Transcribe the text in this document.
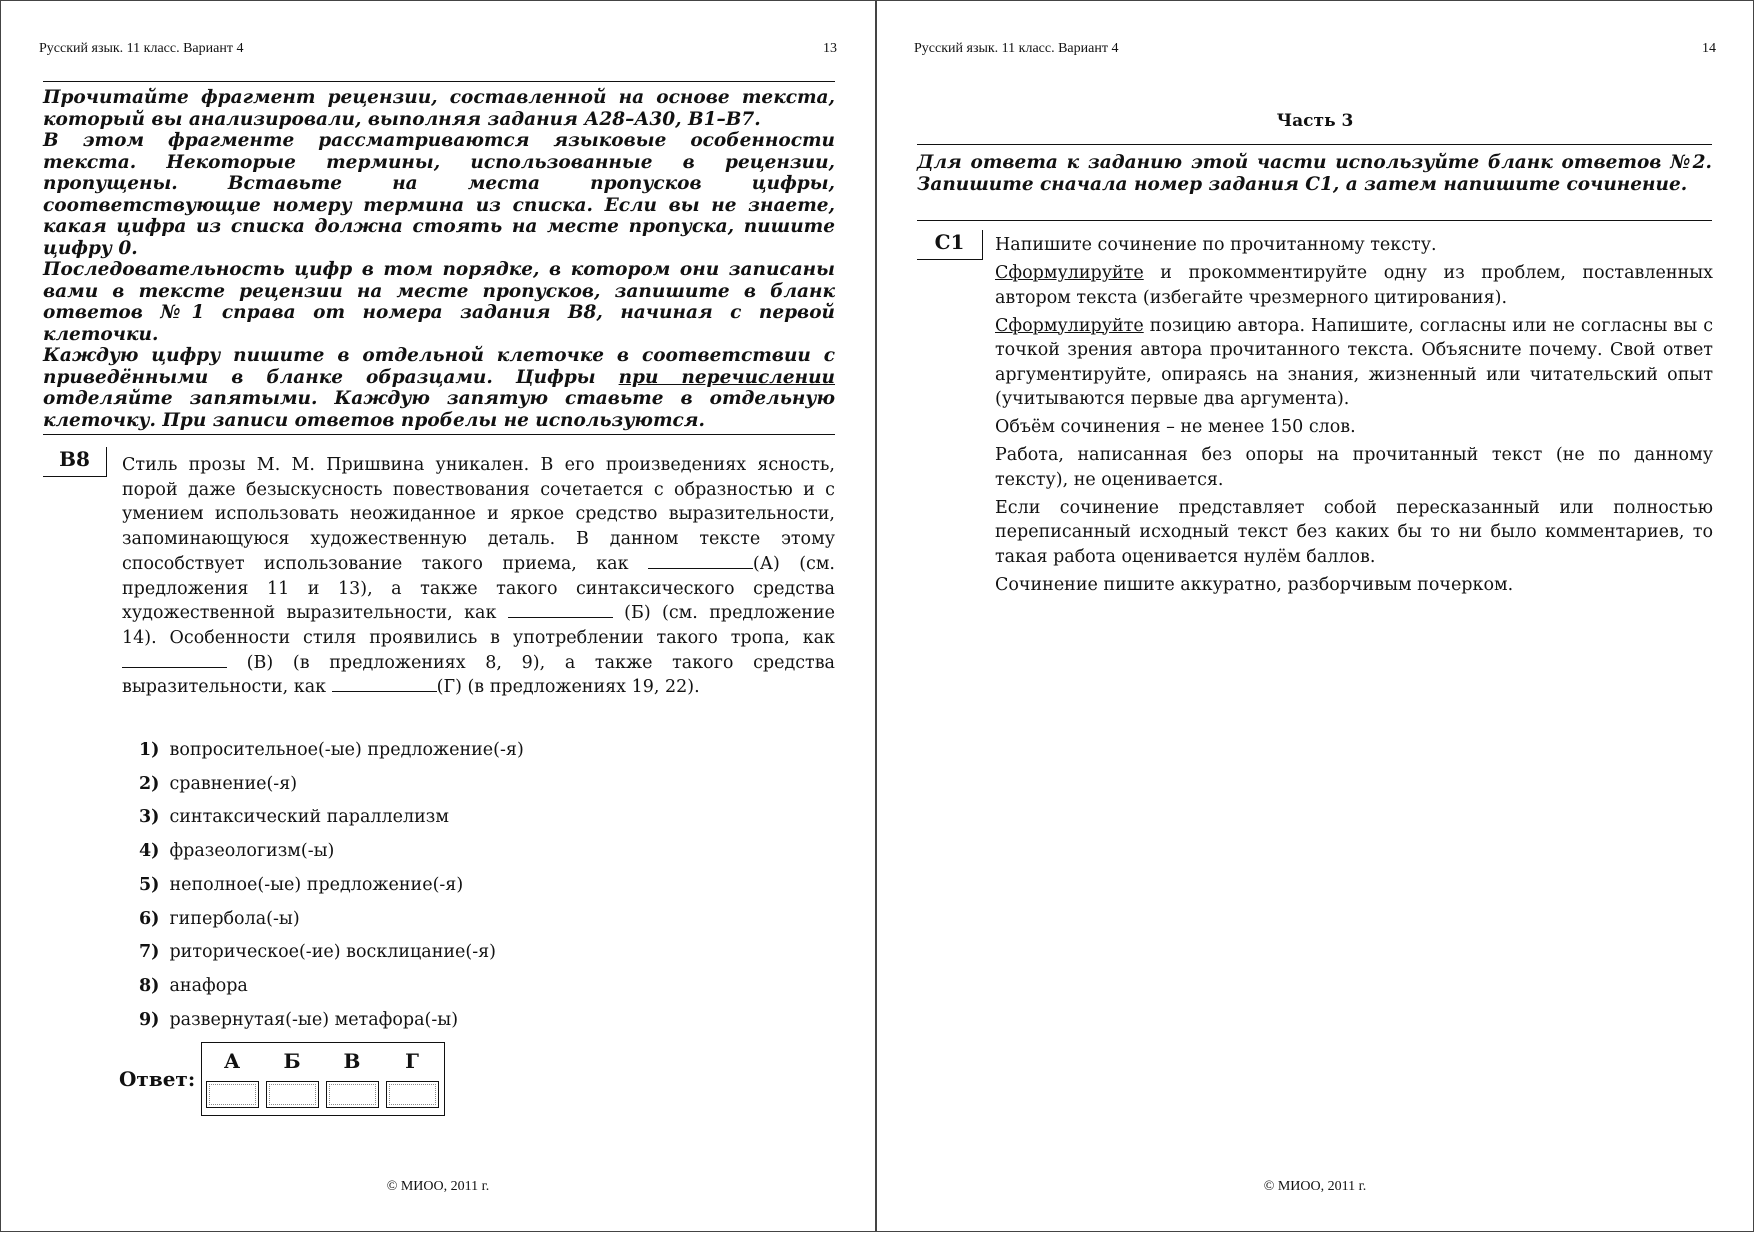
Русский язык. 11 класс. Вариант 4	13

Прочитайте фрагмент рецензии, составленной на основе текста, который вы анализировали, выполняя задания А28–А30, В1–В7.

В этом фрагменте рассматриваются языковые особенности текста. Некоторые термины, использованные в рецензии, пропущены. Вставьте на места пропусков цифры, соответствующие номеру термина из списка. Если вы не знаете, какая цифра из списка должна стоять на месте пропуска, пишите цифру 0.

Последовательность цифр в том порядке, в котором они записаны вами в тексте рецензии на месте пропусков, запишите в бланк ответов №1 справа от номера задания В8, начиная с первой клеточки.

Каждую цифру пишите в отдельной клеточке в соответствии с приведёнными в бланке образцами. Цифры при перечислении отделяйте запятыми. Каждую запятую ставьте в отдельную клеточку. При записи ответов пробелы не используются.

B8	Стиль прозы М. М. Пришвина уникален. В его произведениях ясность, порой даже безыскусность повествования сочетается с образностью и с умением использовать неожиданное и яркое средство выразительности, запоминающуюся художественную деталь. В данном тексте этому способствует использование такого приема, как	(А) (см. предложения 11 и 13), а также такого синтаксического средства художественной выразительности, как	(Б) (см. предложение 14). Особенности стиля проявились в употреблении такого тропа, как  (В) (в предложениях 8, 9), а также такого средства выразительности, как	(Г) (в предложениях 19, 22).

1) вопросительное(-ые) предложение(-я)
2) сравнение(-я)
3) синтаксический параллелизм
4) фразеологизм(-ы)
5) неполное(-ые) предложение(-я)
6) гипербола(-ы)
7) риторическое(-ие) восклицание(-я)
8) анафора
9) развернутая(-ые) метафора(-ы)
Ответ:
А	Б	В	Г
© МИОО, 2011 г.
Русский язык. 11 класс. Вариант 4	14
Часть 3

Для ответа к заданию этой части используйте бланк ответов №2. Запишите сначала номер задания С1, а затем напишите сочинение.

C1
© МИОО, 2011 г.

Напишите сочинение по прочитанному тексту.

Сформулируйте и прокомментируйте одну из проблем, поставленных автором текста (избегайте чрезмерного цитирования).

Сформулируйте позицию автора. Напишите, согласны или не согласны вы с точкой зрения автора прочитанного текста. Объясните почему. Свой ответ аргументируйте, опираясь на знания, жизненный или читательский опыт (учитываются первые два аргумента).

Объём сочинения – не менее 150 слов.

Работа, написанная без опоры на прочитанный текст (не по данному тексту), не оценивается.

Если сочинение представляет собой пересказанный или полностью переписанный исходный текст без каких бы то ни было комментариев, то такая работа оценивается нулём баллов.

Сочинение пишите аккуратно, разборчивым почерком.
